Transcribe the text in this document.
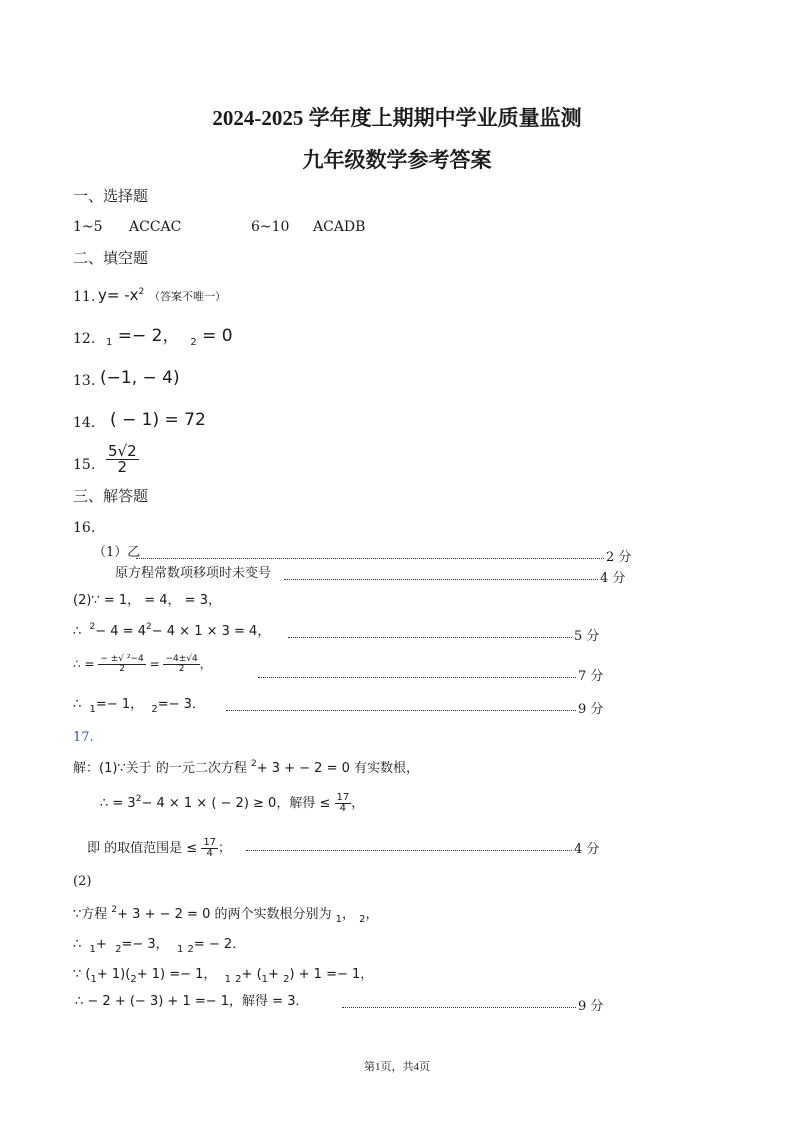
2024-2025 学年度上期期中学业质量监测
九年级数学参考答案
一、选择题
1~5 ACCAC	6~10 ACADB
二、填空题
11. $y= -x^2$ （答案不唯一）
12. $_1$ =− 2， $_2$ = 0
13. (−1, − 4)
14. ( − 1) = 72
15. $\frac{5√2}{2}$
三、解答题
16.
（1）乙	2 分
原方程常数项移项时未变号	4 分
(2)∵ = 1， = 4， = 3，
∴ $^2- 4 = 4^2- 4 \times 1 \times 3 = 4$，	5 分
∴ = $\frac{\text{− ±√ ²−4}}{2} = \frac{-4\pm√4}{2}$ ，
7 分
∴ $_1$=− 1， $_2$=− 3．	9 分
17.
解：(1)∵关于 的一元二次方程 $^2$+ 3 + − 2 = 0 有实数根，
∴ = $3^2- 4 \times 1$ × ( − 2) ≥ 0，解得 ≤ $\frac{17}{4}$ ，
即 的取值范围是 ≤ $\frac{17}{4}$ ；	4 分
(2)
∵方程 $^2$+ 3 + − 2 = 0 的两个实数根分别为 $_1$， $_2$，
∴ $_1$+ $_2$=− 3， $_1$ $_2$= − 2．
∵ $(_1+ 1)(_2+ 1) =- 1$， $_1$ $_2+ (_1+ _2) + 1 =- 1$，
∴ − 2 + (− 3) + 1 =− 1，解得 = 3．	9 分
第1页，共4页
